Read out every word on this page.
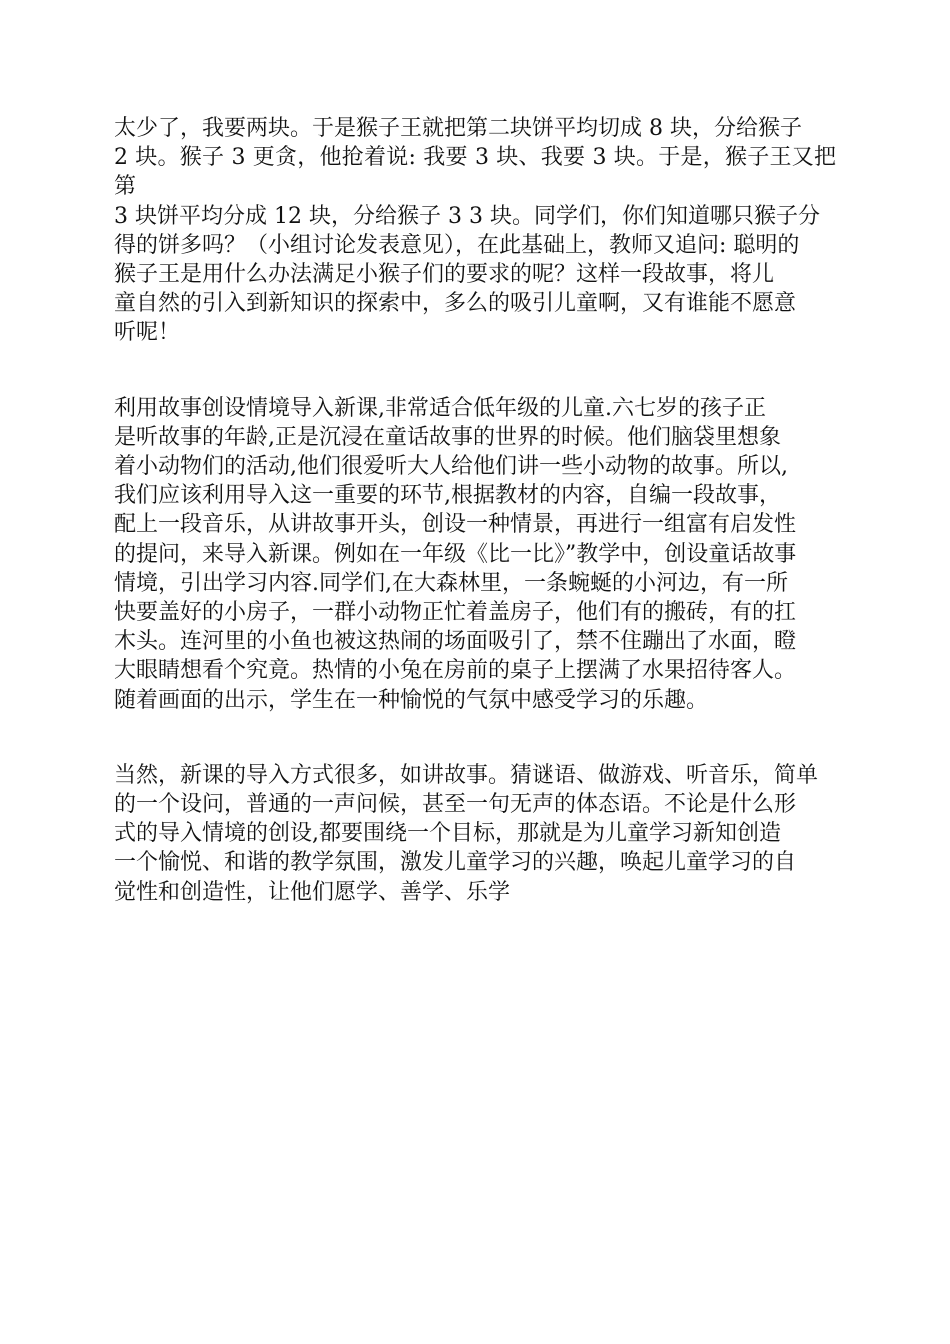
太少了，我要两块。于是猴子王就把第二块饼平均切成 8 块，分给猴子
2 块。猴子 3 更贪，他抢着说: 我要 3 块、我要 3 块。于是，猴子王又把第
3 块饼平均分成 12 块，分给猴子 3 3 块。同学们，你们知道哪只猴子分
得的饼多吗？（小组讨论发表意见），在此基础上，教师又追问: 聪明的
猴子王是用什么办法满足小猴子们的要求的呢？这样一段故事，将儿
童自然的引入到新知识的探索中，多么的吸引儿童啊，又有谁能不愿意
听呢！

利用故事创设情境导入新课,非常适合低年级的儿童.六七岁的孩子正
是听故事的年龄,正是沉浸在童话故事的世界的时候。他们脑袋里想象
着小动物们的活动,他们很爱听大人给他们讲一些小动物的故事。所以,
我们应该利用导入这一重要的环节,根据教材的内容，自编一段故事，
配上一段音乐，从讲故事开头，创设一种情景，再进行一组富有启发性
的提问，来导入新课。例如在一年级《比一比》”教学中，创设童话故事
情境，引出学习内容.同学们,在大森林里，一条蜿蜒的小河边，有一所
快要盖好的小房子，一群小动物正忙着盖房子，他们有的搬砖，有的扛
木头。连河里的小鱼也被这热闹的场面吸引了，禁不住蹦出了水面，瞪
大眼睛想看个究竟。热情的小兔在房前的桌子上摆满了水果招待客人。
随着画面的出示，学生在一种愉悦的气氛中感受学习的乐趣。

当然，新课的导入方式很多，如讲故事。猜谜语、做游戏、听音乐，简单
的一个设问，普通的一声问候，甚至一句无声的体态语。不论是什么形
式的导入情境的创设,都要围绕一个目标，那就是为儿童学习新知创造
一个愉悦、和谐的教学氛围，激发儿童学习的兴趣，唤起儿童学习的自
觉性和创造性，让他们愿学、善学、乐学
